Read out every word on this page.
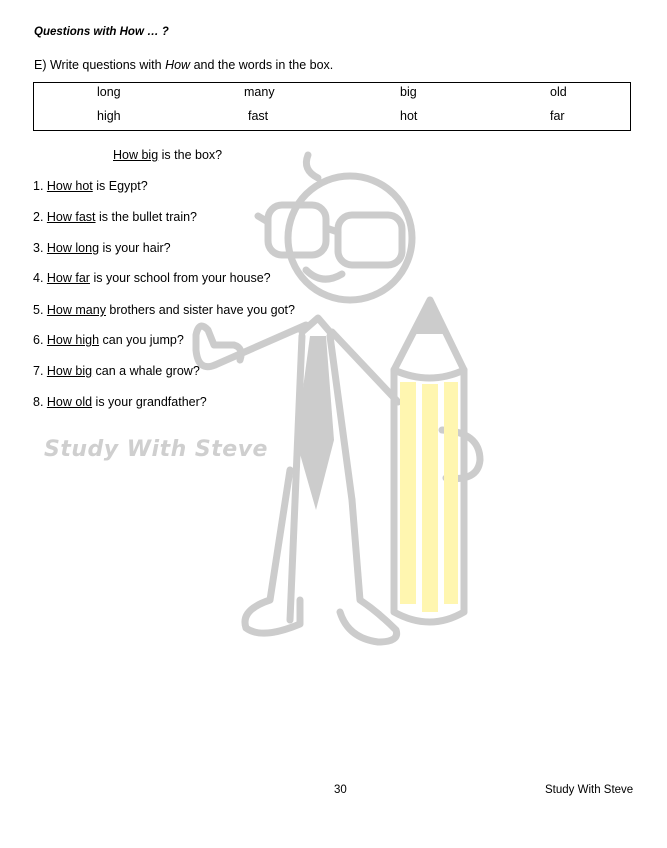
Study With Steve
Questions with How … ?
E) Write questions with How and the words in the box.
long	many	big	old
high	fast	hot	far
How big is the box?
1. How hot is Egypt?
2. How fast is the bullet train?
3. How long is your hair?
4. How far is your school from your house?
5. How many brothers and sister have you got?
6. How high can you jump?
7. How big can a whale grow?
8. How old is your grandfather?
30	Study With Steve
